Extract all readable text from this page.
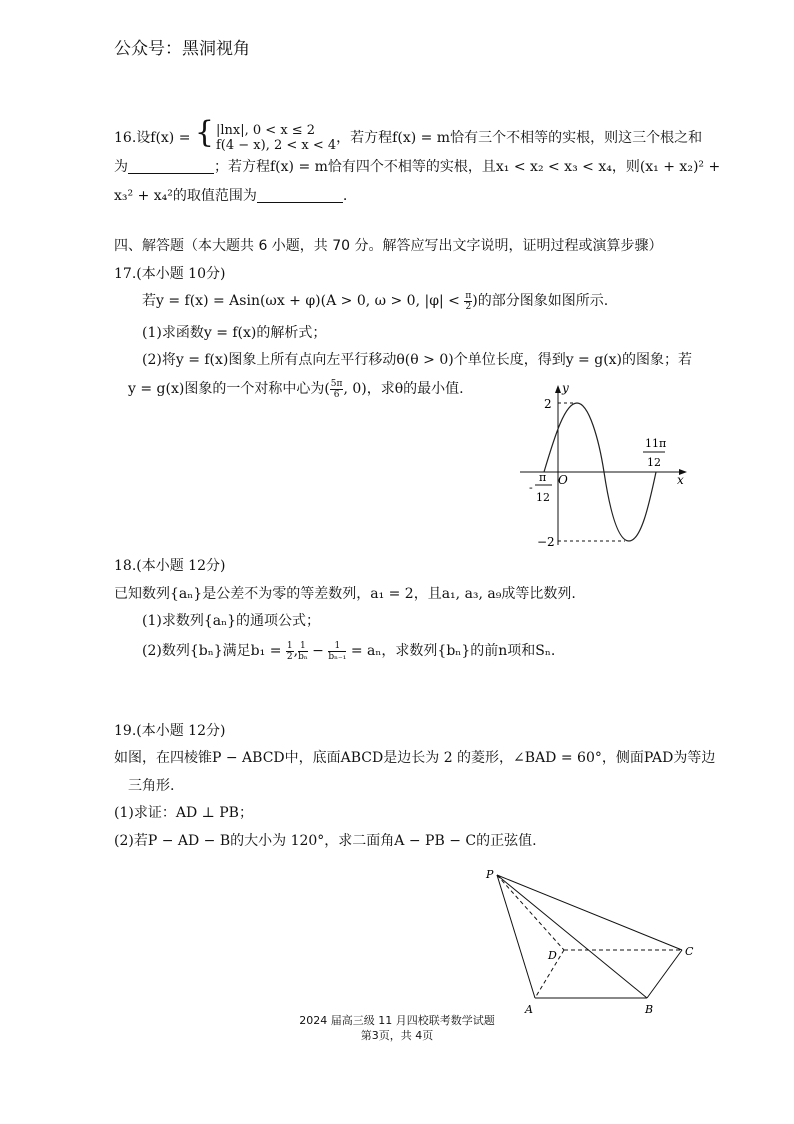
公众号：黑洞视角
16.设f(x) = { |lnx|, 0 < x ≤ 2
f(4 − x), 2 < x < 4 ，若方程f(x) = m恰有三个不相等的实根，则这三个根之和
为	；若方程f(x) = m恰有四个不相等的实根，且x₁ < x₂ < x₃ < x₄，则(x₁ + x₂)² +
x₃² + x₄²的取值范围为	.
四、解答题（本大题共 6 小题，共 70 分。解答应写出文字说明，证明过程或演算步骤）
17.(本小题 10分)
若y = f(x) = Asin(ωx + φ)(A > 0, ω > 0, $|\varphi| < \frac{\pi}{2}$ )的部分图象如图所示.
(1)求函数y = f(x)的解析式；
(2)将y = f(x)图象上所有点向左平行移动θ(θ > 0)个单位长度，得到y = g(x)的图象；若
y = g(x)图象的一个对称中心为( $\frac{5\pi}{6}$ , 0)，求θ的最小值.	y
x
O
2
−2
-
π
12
11π
12
18.(本小题 12分)
已知数列{aₙ}是公差不为零的等差数列，a₁ = 2，且a₁, a₃, a₉成等比数列.
(1)求数列{aₙ}的通项公式；
(2)数列{bₙ}满足$b_1 = \frac{1}{2}$ , $\frac{1}{\text{bₙ}} - \frac{1}{\text{bₙ₋₁}} = a_n$，求数列{bₙ}的前n项和Sₙ.
19.(本小题 12分)
如图，在四棱锥P − ABCD中，底面ABCD是边长为 2 的菱形，∠BAD = 60°，侧面PAD为等边
三角形.
(1)求证：AD ⊥ PB；
(2)若P − AD − B的大小为 120°，求二面角A − PB − C的正弦值.
P
A	B
C
D
2024 届高三级 11 月四校联考数学试题
第3页，共 4页
